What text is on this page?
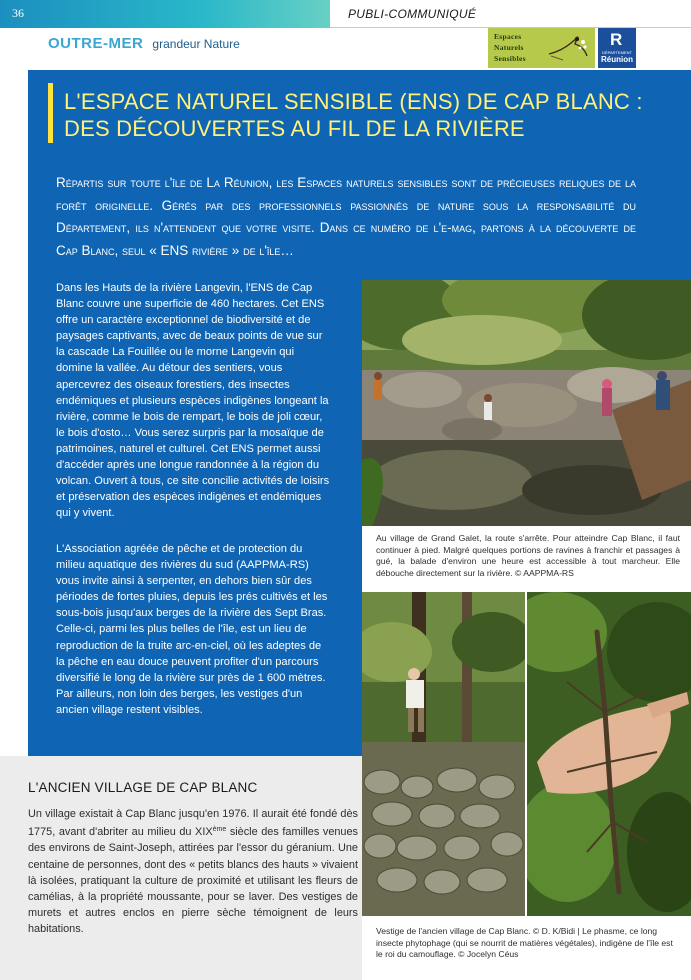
36	PUBLI-COMMUNIQUÉ
OUTRE-MER grandeur Nature
Espaces
Naturels
Sensibles
R
DÉPARTEMENT
Réunion
L'ESPACE NATUREL SENSIBLE (ENS) DE CAP BLANC :
DES DÉCOUVERTES AU FIL DE LA RIVIÈRE
Répartis sur toute l'île de La Réunion, les Espaces naturels sensibles sont de précieuses reliques de la forêt originelle. Gérés par des professionnels passionnés de nature sous la responsabilité du Département, ils n'attendent que votre visite. Dans ce numéro de l'e-mag, partons à la découverte de Cap Blanc, seul « ENS rivière » de l'île…
Dans les Hauts de la rivière Langevin, l'ENS de Cap Blanc couvre une superficie de 460 hectares. Cet ENS offre un caractère exceptionnel de biodiversité et de paysages captivants, avec de beaux points de vue sur la cascade La Fouillée ou le morne Langevin qui domine la vallée. Au détour des sentiers, vous apercevrez des oiseaux forestiers, des insectes endémiques et plusieurs espèces indigènes longeant la rivière, comme le bois de rempart, le bois de joli cœur, le bois d'osto… Vous serez surpris par la mosaïque de patrimoines, naturel et culturel. Cet ENS permet aussi d'accéder après une longue randonnée à la région du volcan. Ouvert à tous, ce site concilie activités de loisirs et préservation des espèces indigènes et endémiques qui y vivent.
L'Association agréée de pêche et de protection du milieu aquatique des rivières du sud (AAPPMA-RS) vous invite ainsi à serpenter, en dehors bien sûr des périodes de fortes pluies, depuis les prés cultivés et les sous-bois jusqu'aux berges de la rivière des Sept Bras. Celle-ci, parmi les plus belles de l'île, est un lieu de reproduction de la truite arc-en-ciel, où les adeptes de la pêche en eau douce peuvent profiter d'un parcours diversifié le long de la rivière sur près de 1 600 mètres. Par ailleurs, non loin des berges, les vestiges d'un ancien village restent visibles.
Au village de Grand Galet, la route s'arrête. Pour atteindre Cap Blanc, il faut continuer à pied. Malgré quelques portions de ravines à franchir et passages à gué, la balade d'environ une heure est accessible à tout marcheur. Elle débouche directement sur la rivière. © AAPPMA-RS
Vestige de l'ancien village de Cap Blanc. © D. K/Bidi | Le phasme, ce long insecte phytophage (qui se nourrit de matières végétales), indigène de l'île est le roi du camouflage. © Jocelyn Céus
L'ANCIEN VILLAGE DE CAP BLANC
Un village existait à Cap Blanc jusqu'en 1976. Il aurait été fondé dès 1775, avant d'abriter au milieu du XIXème siècle des familles venues des environs de Saint-Joseph, attirées par l'essor du géranium. Une centaine de personnes, dont des « petits blancs des hauts » vivaient là isolées, pratiquant la culture de proximité et utilisant les fleurs de camélias, à la propriété moussante, pour se laver. Des vestiges de murets et autres enclos en pierre sèche témoignent de leurs habitations.
